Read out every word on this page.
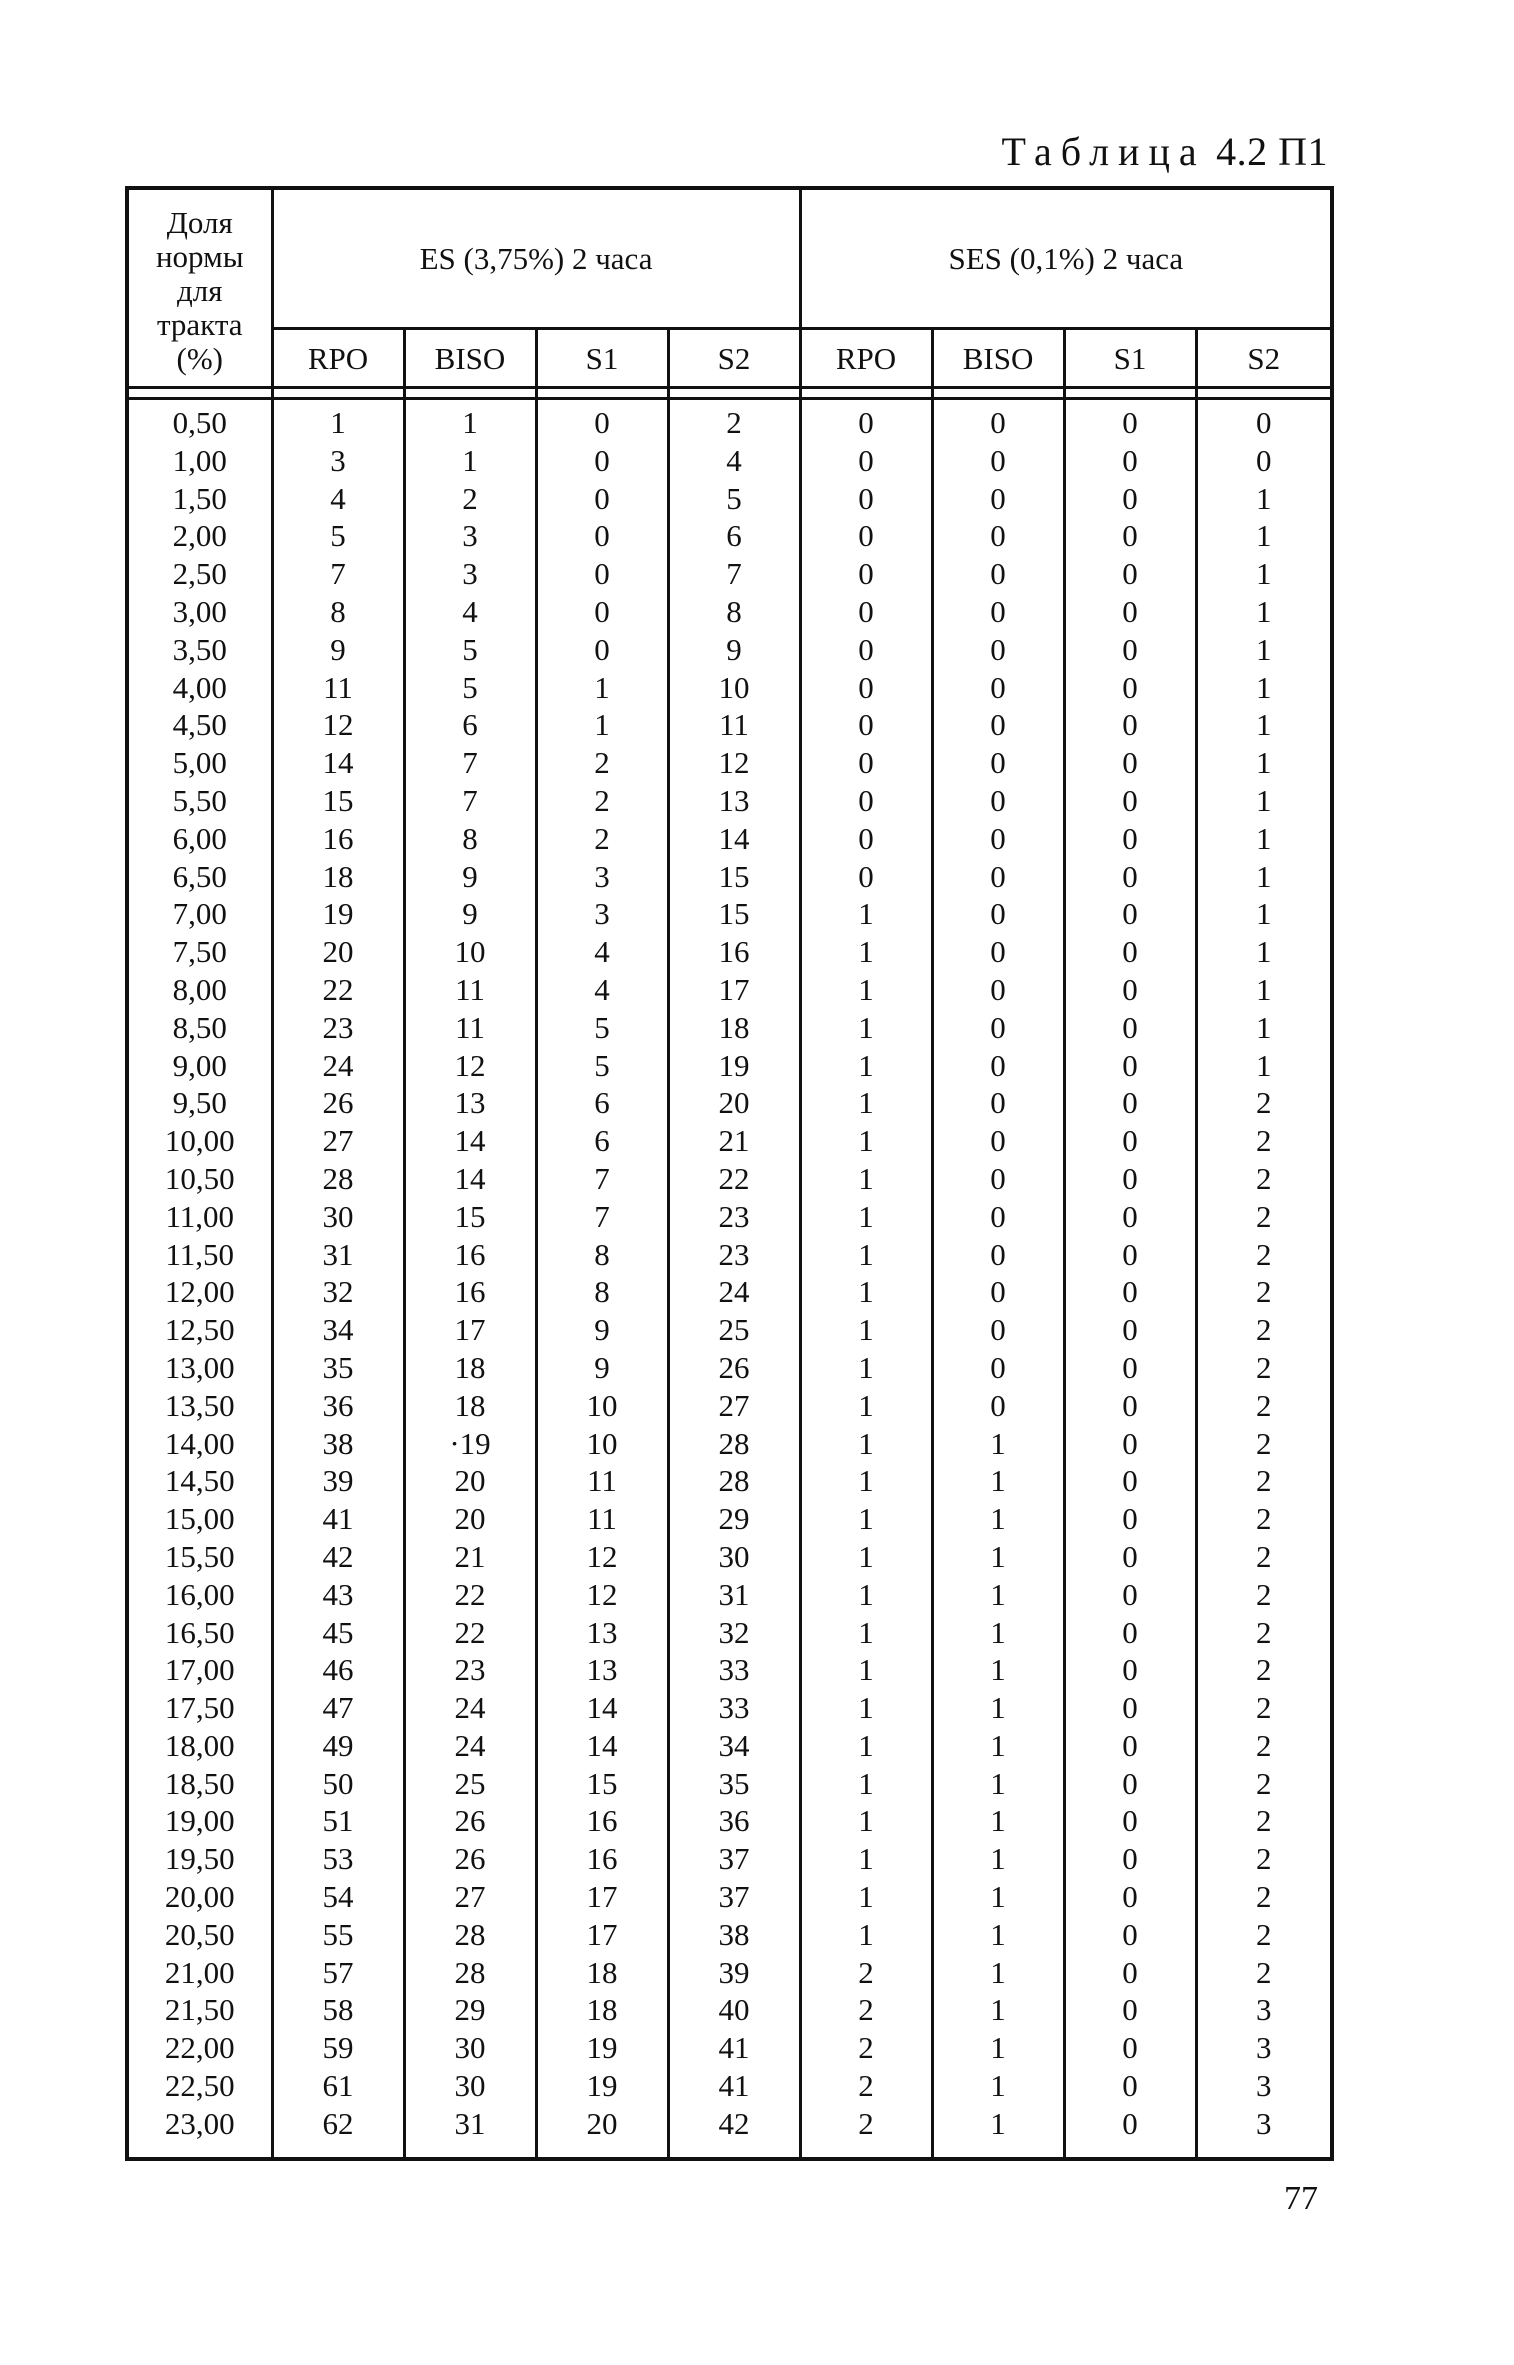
Таблица 4.2 П1
Доля
нормы
для
тракта
(%)	ES (3,75%) 2 часа				SES (0,1%) 2 часа			
	RPO	BISO	S1	S2	RPO	BISO	S1	S2

0,50	1	1	0	2	0	0	0	0
1,00	3	1	0	4	0	0	0	0
1,50	4	2	0	5	0	0	0	1
2,00	5	3	0	6	0	0	0	1
2,50	7	3	0	7	0	0	0	1
3,00	8	4	0	8	0	0	0	1
3,50	9	5	0	9	0	0	0	1
4,00	11	5	1	10	0	0	0	1
4,50	12	6	1	11	0	0	0	1
5,00	14	7	2	12	0	0	0	1
5,50	15	7	2	13	0	0	0	1
6,00	16	8	2	14	0	0	0	1
6,50	18	9	3	15	0	0	0	1
7,00	19	9	3	15	1	0	0	1
7,50	20	10	4	16	1	0	0	1
8,00	22	11	4	17	1	0	0	1
8,50	23	11	5	18	1	0	0	1
9,00	24	12	5	19	1	0	0	1
9,50	26	13	6	20	1	0	0	2
10,00	27	14	6	21	1	0	0	2
10,50	28	14	7	22	1	0	0	2
11,00	30	15	7	23	1	0	0	2
11,50	31	16	8	23	1	0	0	2
12,00	32	16	8	24	1	0	0	2
12,50	34	17	9	25	1	0	0	2
13,00	35	18	9	26	1	0	0	2
13,50	36	18	10	27	1	0	0	2
14,00	38	·19	10	28	1	1	0	2
14,50	39	20	11	28	1	1	0	2
15,00	41	20	11	29	1	1	0	2
15,50	42	21	12	30	1	1	0	2
16,00	43	22	12	31	1	1	0	2
16,50	45	22	13	32	1	1	0	2
17,00	46	23	13	33	1	1	0	2
17,50	47	24	14	33	1	1	0	2
18,00	49	24	14	34	1	1	0	2
18,50	50	25	15	35	1	1	0	2
19,00	51	26	16	36	1	1	0	2
19,50	53	26	16	37	1	1	0	2
20,00	54	27	17	37	1	1	0	2
20,50	55	28	17	38	1	1	0	2
21,00	57	28	18	39	2	1	0	2
21,50	58	29	18	40	2	1	0	3
22,00	59	30	19	41	2	1	0	3
22,50	61	30	19	41	2	1	0	3
23,00	62	31	20	42	2	1	0	3
77
